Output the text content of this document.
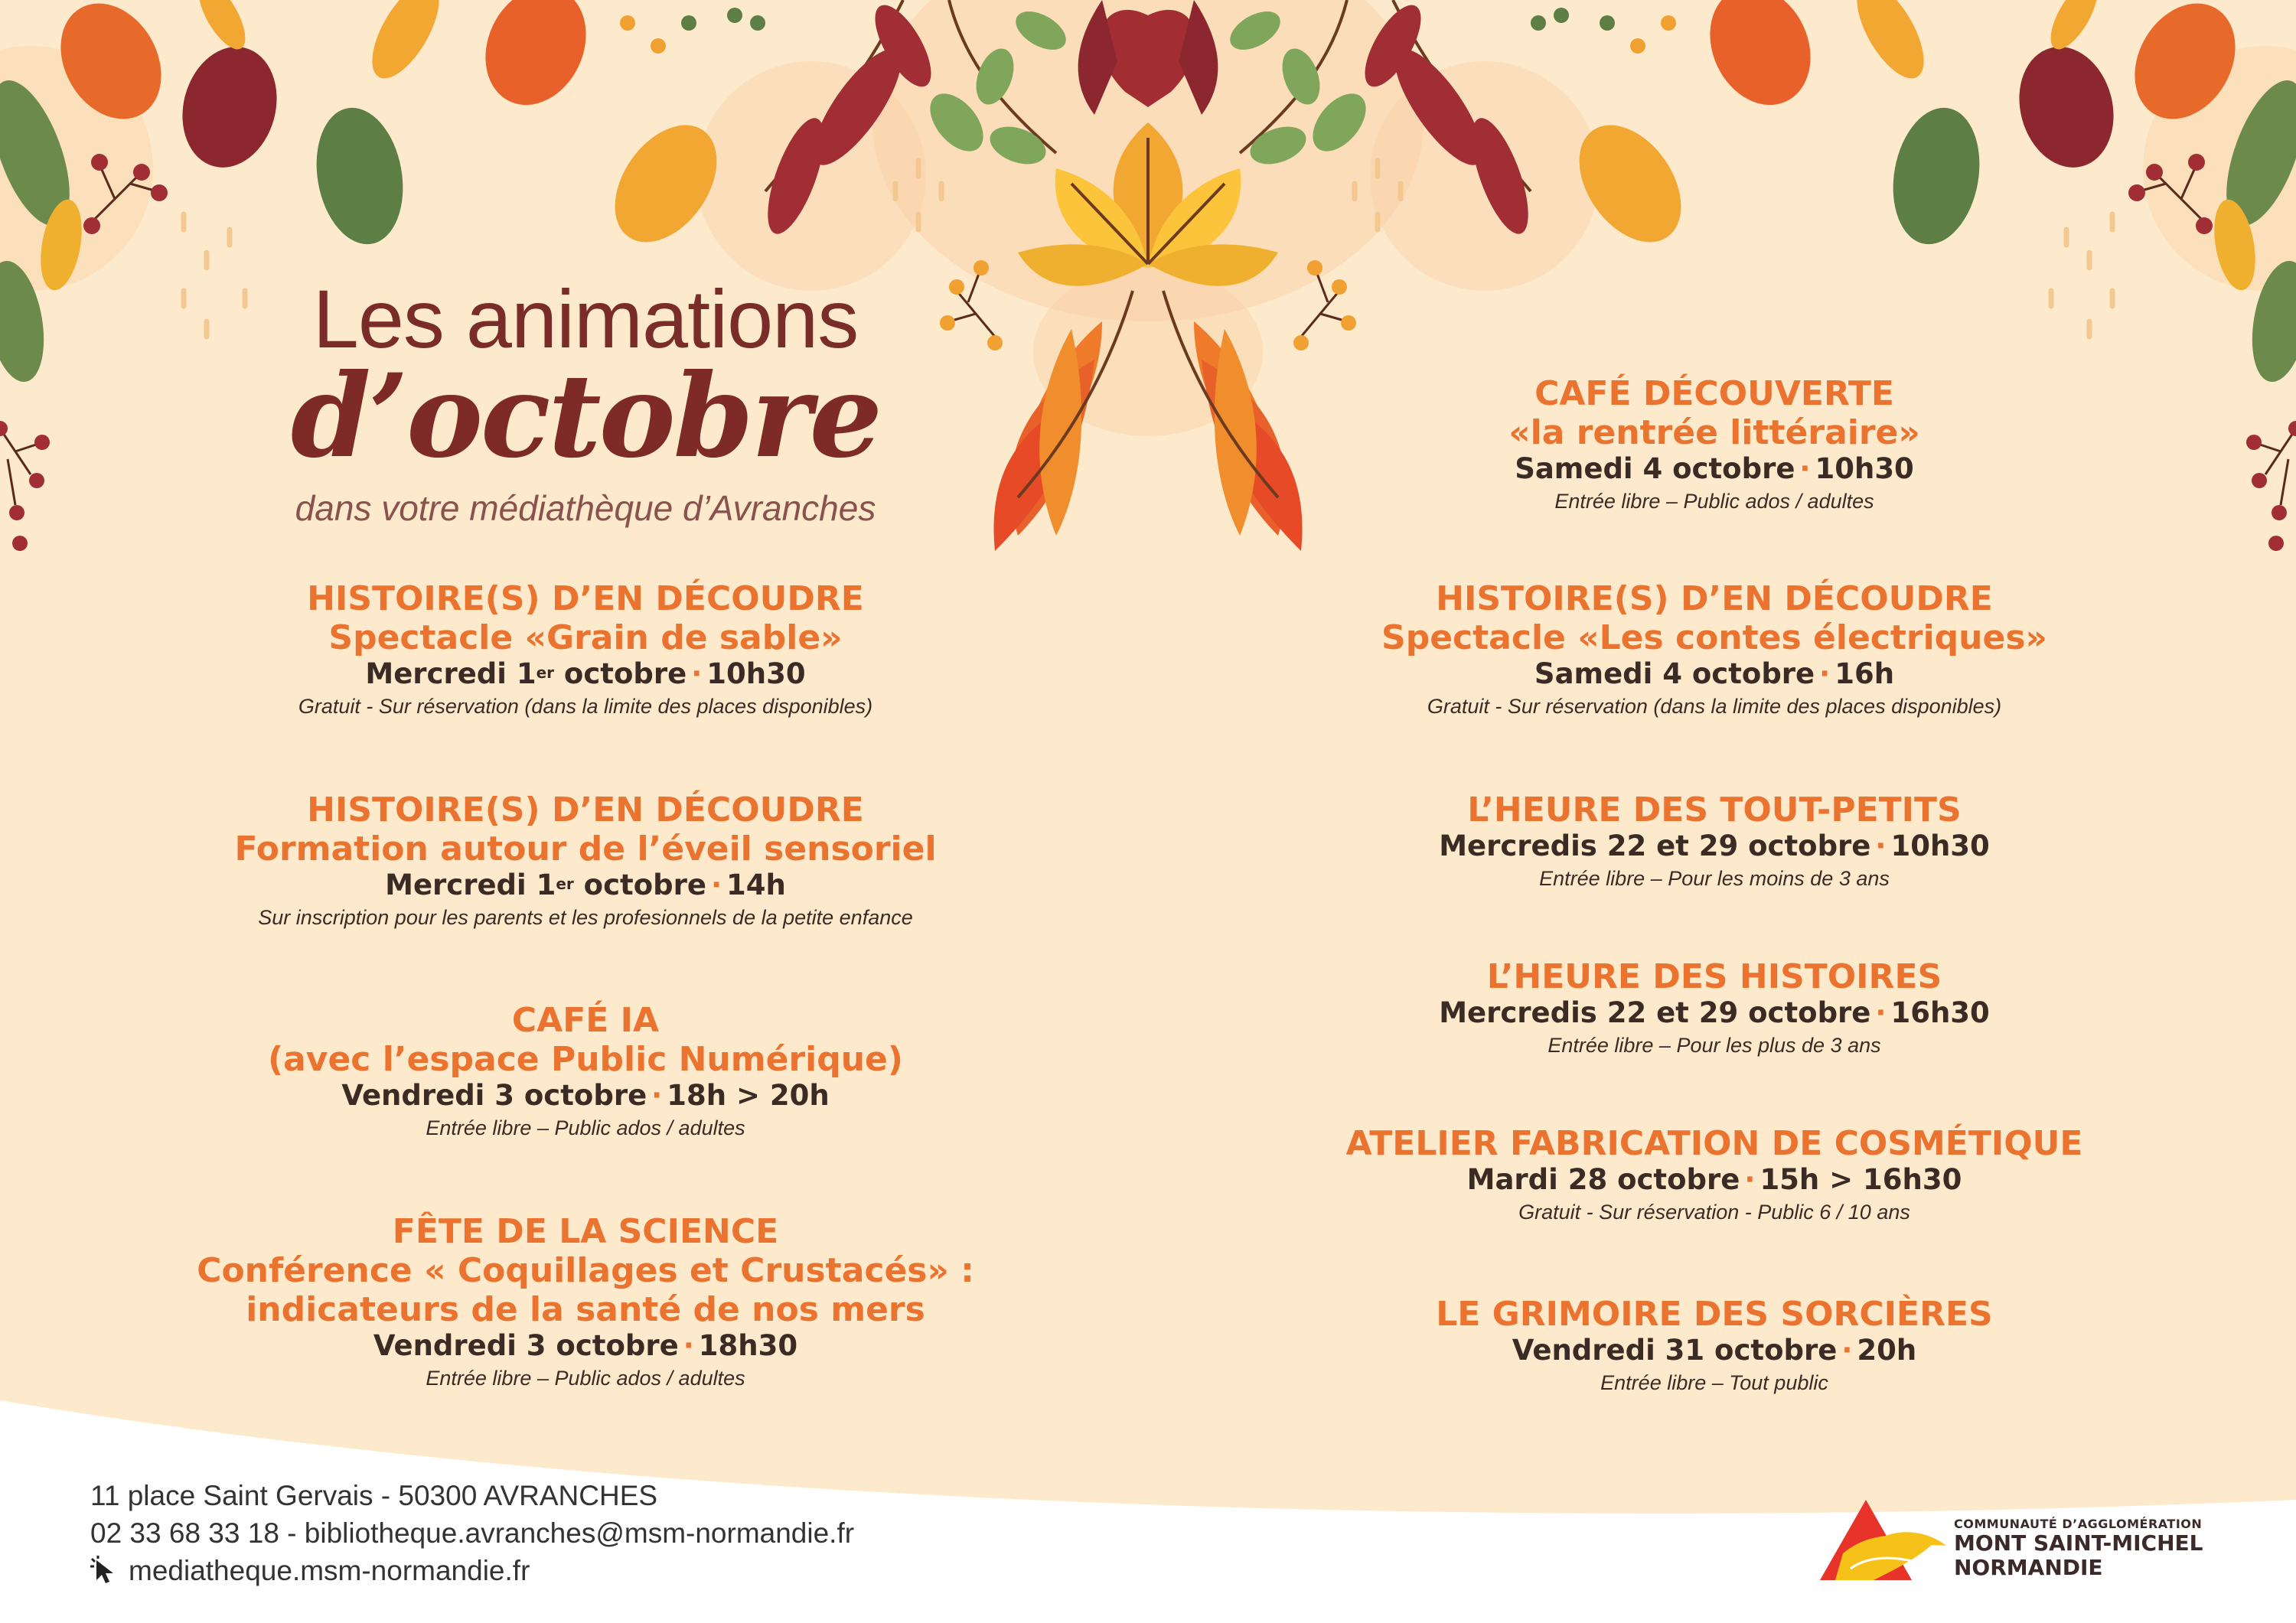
Les animations
d’octobre
dans votre médiathèque d’Avranches
HISTOIRE(S) D’EN DÉCOUDRE
Spectacle «Grain de sable»
Mercredi 1er octobre · 10h30
Gratuit - Sur réservation (dans la limite des places disponibles)
HISTOIRE(S) D’EN DÉCOUDRE
Formation autour de l’éveil sensoriel
Mercredi 1er octobre · 14h
Sur inscription pour les parents et les profesionnels de la petite enfance
CAFÉ IA
(avec l’espace Public Numérique)
Vendredi 3 octobre · 18h > 20h
Entrée libre – Public ados / adultes
FÊTE DE LA SCIENCE
Conférence « Coquillages et Crustacés» :
indicateurs de la santé de nos mers
Vendredi 3 octobre · 18h30
Entrée libre – Public ados / adultes
CAFÉ DÉCOUVERTE
«la rentrée littéraire»
Samedi 4 octobre · 10h30
Entrée libre – Public ados / adultes
HISTOIRE(S) D’EN DÉCOUDRE
Spectacle «Les contes électriques»
Samedi 4 octobre · 16h
Gratuit - Sur réservation (dans la limite des places disponibles)
L’HEURE DES TOUT-PETITS
Mercredis 22 et 29 octobre · 10h30
Entrée libre – Pour les moins de 3 ans
L’HEURE DES HISTOIRES
Mercredis 22 et 29 octobre · 16h30
Entrée libre – Pour les plus de 3 ans
ATELIER FABRICATION DE COSMÉTIQUE
Mardi 28 octobre · 15h > 16h30
Gratuit - Sur réservation - Public 6 / 10 ans
LE GRIMOIRE DES SORCIÈRES
Vendredi 31 octobre · 20h
Entrée libre – Tout public
11 place Saint Gervais - 50300 AVRANCHES
02 33 68 33 18 - bibliotheque.avranches@msm-normandie.fr
mediatheque.msm-normandie.fr
COMMUNAUTÉ D’AGGLOMÉRATION
MONT SAINT-MICHEL
NORMANDIE
